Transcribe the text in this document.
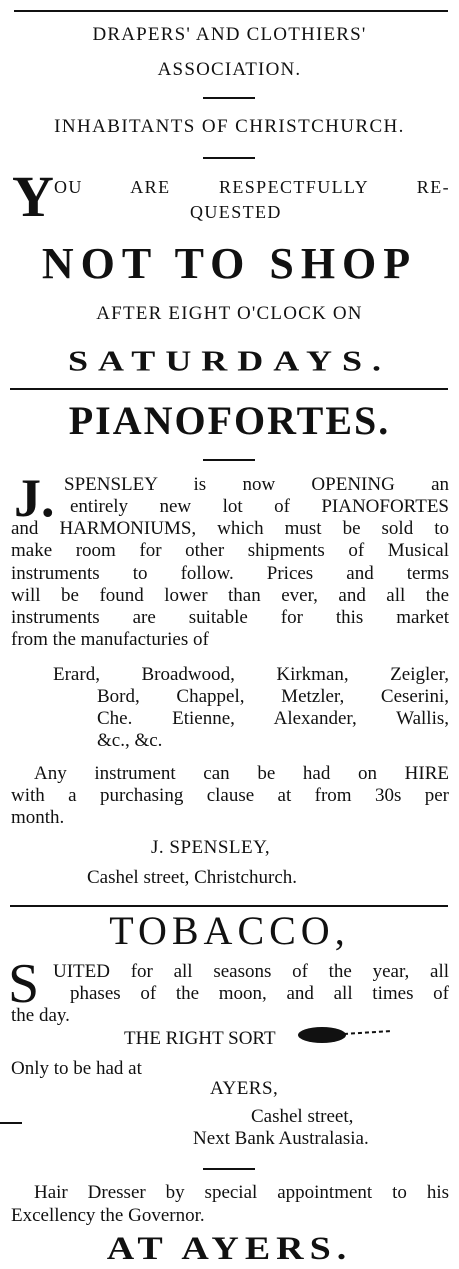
DRAPERS' AND CLOTHIERS'
ASSOCIATION.
INHABITANTS OF CHRISTCHURCH.
Y OU ARE RESPECTFULLY RE-
QUESTED
NOT TO SHOP
AFTER EIGHT O'CLOCK ON
SATURDAYS.
PIANOFORTES.
J. SPENSLEY is now OPENING an
entirely new lot of PIANOFORTES
and HARMONIUMS, which must be sold to
make room for other shipments of Musical
instruments to follow. Prices and terms
will be found lower than ever, and all the
instruments are suitable for this market
from the manufacturies of
Erard, Broadwood, Kirkman, Zeigler,
Bord, Chappel, Metzler, Ceserini,
Che. Etienne, Alexander, Wallis,
&c., &c.
Any instrument can be had on HIRE
with a purchasing clause at from 30s per
month.
J. SPENSLEY,
Cashel street, Christchurch.
TOBACCO,
S UITED for all seasons of the year, all
phases of the moon, and all times of
the day.
THE RIGHT SORT
Only to be had at
AYERS,
Cashel street,
Next Bank Australasia.
Hair Dresser by special appointment to his
Excellency the Governor.
AT AYERS.
